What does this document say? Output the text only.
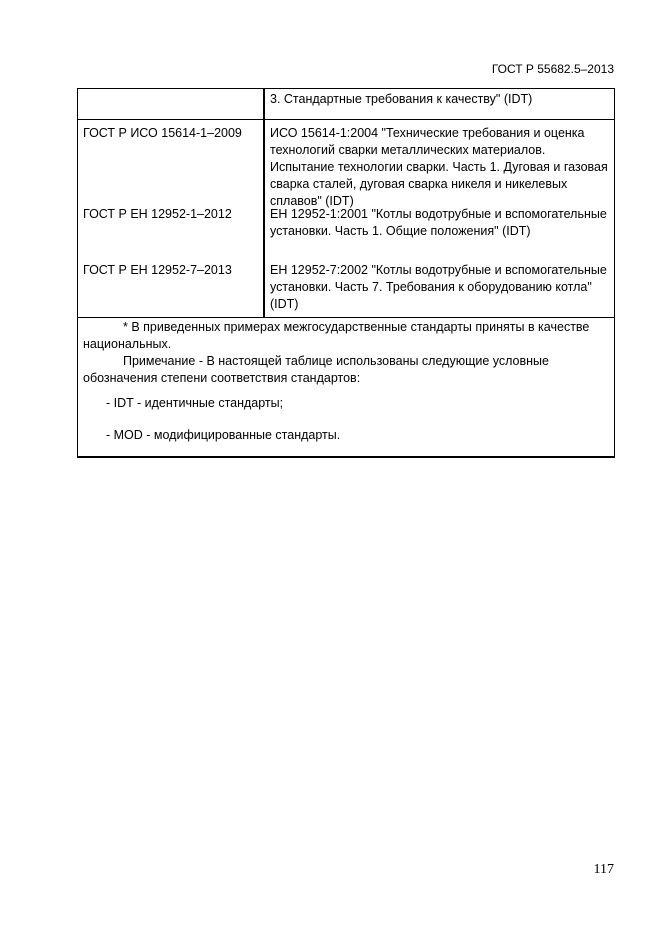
ГОСТ Р 55682.5–2013
3. Стандартные требования к качеству" (IDT)
ГОСТ Р ИСО 15614-1–2009	ИСО 15614-1:2004 "Технические требования и оценка технологий сварки металлических материалов. Испытание технологии сварки. Часть 1. Дуговая и газовая сварка сталей, дуговая сварка никеля и никелевых сплавов" (IDT)
ГОСТ Р ЕН 12952-1–2012	ЕН 12952-1:2001 "Котлы водотрубные и вспомогательные установки. Часть 1. Общие положения" (IDT)
ГОСТ Р ЕН 12952-7–2013	ЕН 12952-7:2002 "Котлы водотрубные и вспомогательные установки. Часть 7. Требования к оборудованию котла" (IDT)
* В приведенных примерах межгосударственные стандарты приняты в качестве национальных.
Примечание - В настоящей таблице использованы следующие условные обозначения степени соответствия стандартов:
- IDT - идентичные стандарты;
- MOD - модифицированные стандарты.
117
